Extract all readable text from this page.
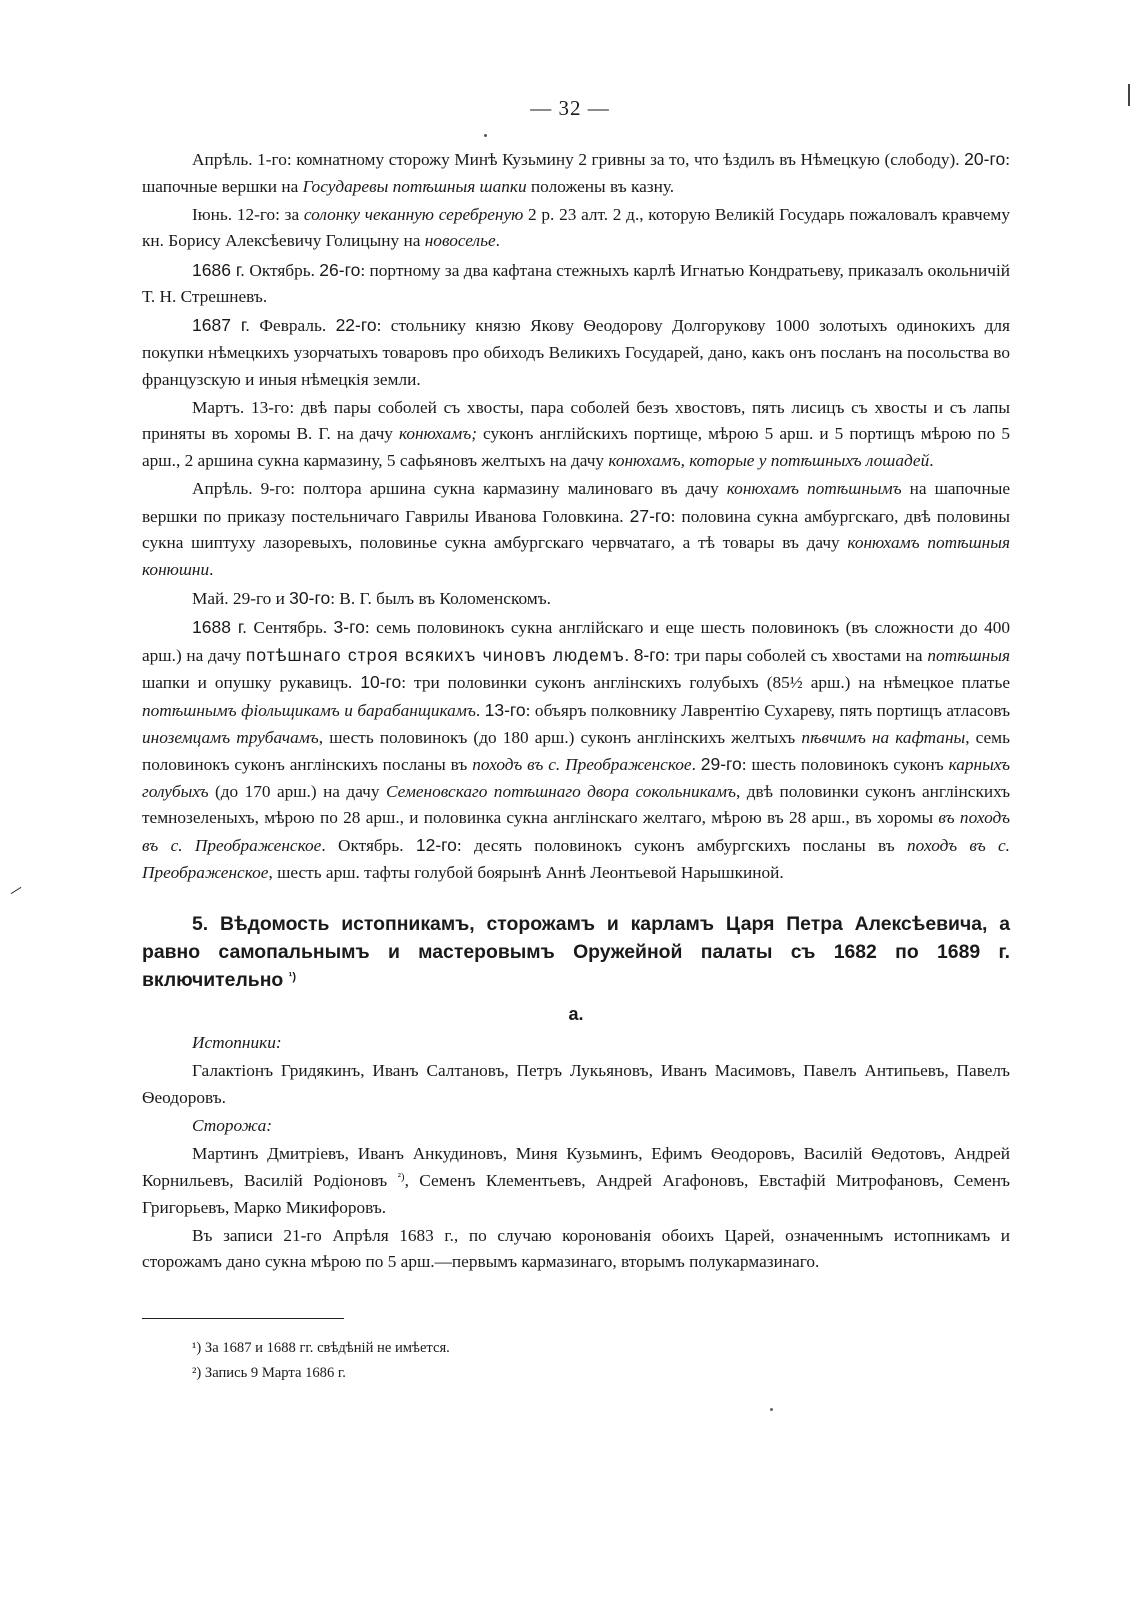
— 32 —

Апрѣль. 1-го: комнатному сторожу Минѣ Кузьмину 2 гривны за то, что ѣздилъ въ Нѣмецкую (слободу). 20-го: шапочные вершки на Государевы потѣшныя шапки положены въ казну.

Іюнь. 12-го: за солонку чеканную серебреную 2 р. 23 алт. 2 д., которую Великій Государь пожаловалъ кравчему кн. Борису Алексѣевичу Голицыну на новоселье.

1686 г. Октябрь. 26-го: портному за два кафтана стежныхъ карлѣ Игнатью Кондратьеву, приказалъ окольничій Т. Н. Стрешневъ.

1687 г. Февраль. 22-го: стольнику князю Якову Ѳеодорову Долгорукову 1000 золотыхъ одинокихъ для покупки нѣмецкихъ узорчатыхъ товаровъ про обиходъ Великихъ Государей, дано, какъ онъ посланъ на посольства во французскую и иныя нѣмецкія земли.

Мартъ. 13-го: двѣ пары соболей съ хвосты, пара соболей безъ хвостовъ, пять лисицъ съ хвосты и съ лапы приняты въ хоромы В. Г. на дачу конюхамъ; суконъ англійскихъ портище, мѣрою 5 арш. и 5 портищъ мѣрою по 5 арш., 2 аршина сукна кармазину, 5 сафьяновъ желтыхъ на дачу конюхамъ, которые у потѣшныхъ лошадей.

Апрѣль. 9-го: полтора аршина сукна кармазину малиноваго въ дачу конюхамъ потѣшнымъ на шапочные вершки по приказу постельничаго Гаврилы Иванова Головкина. 27-го: половина сукна амбургскаго, двѣ половины сукна шиптуху лазоревыхъ, половинье сукна амбургскаго червчатаго, а тѣ товары въ дачу конюхамъ потѣшныя конюшни.

Май. 29-го и 30-го: В. Г. былъ въ Коломенскомъ.

1688 г. Сентябрь. 3-го: семь половинокъ сукна англійскаго и еще шесть половинокъ (въ сложности до 400 арш.) на дачу потѣшнаго строя всякихъ чиновъ людемъ. 8-го: три пары соболей съ хвостами на потѣшныя шапки и опушку рукавицъ. 10-го: три половинки суконъ англінскихъ голубыхъ (85½ арш.) на нѣмецкое платье потѣшнымъ фіольщикамъ и барабанщикамъ. 13-го: объяръ полковнику Лаврентію Сухареву, пять портищъ атласовъ иноземцамъ трубачамъ, шесть половинокъ (до 180 арш.) суконъ англінскихъ желтыхъ пѣвчимъ на кафтаны, семь половинокъ суконъ англінскихъ посланы въ походъ въ с. Преображенское. 29-го: шесть половинокъ суконъ карныхъ голубыхъ (до 170 арш.) на дачу Семеновскаго потѣшнаго двора сокольникамъ, двѣ половинки суконъ англінскихъ темнозеленыхъ, мѣрою по 28 арш., и половинка сукна англінскаго желтаго, мѣрою въ 28 арш., въ хоромы въ походъ въ с. Преображенское. Октябрь. 12-го: десять половинокъ суконъ амбургскихъ посланы въ походъ въ с. Преображенское, шесть арш. тафты голубой боярынѣ Аннѣ Леонтьевой Нарышкиной.

5. Вѣдомость истопникамъ, сторожамъ и карламъ Царя Петра Алексѣевича, а равно самопальнымъ и мастеровымъ Оружейной палаты съ 1682 по 1689 г. включительно $^{^1)}$
а.

Истопники:

Галактіонъ Гридякинъ, Иванъ Салтановъ, Петръ Лукьяновъ, Иванъ Масимовъ, Павелъ Антипьевъ, Павелъ Ѳеодоровъ.

Сторожа:

Мартинъ Дмитріевъ, Иванъ Анкудиновъ, Миня Кузьминъ, Ефимъ Ѳеодоровъ, Василій Ѳедотовъ, Андрей Корнильевъ, Василій Родіоновъ $^{^2)}$, Семенъ Клементьевъ, Андрей Агафоновъ, Евстафій Митрофановъ, Семенъ Григорьевъ, Марко Микифоровъ.

Въ записи 21-го Апрѣля 1683 г., по случаю коронованія обоихъ Царей, означеннымъ истопникамъ и сторожамъ дано сукна мѣрою по 5 арш.—первымъ кармазинаго, вторымъ полукармазинаго.

¹) За 1687 и 1688 гг. свѣдѣній не имѣется.
²) Запись 9 Марта 1686 г.
